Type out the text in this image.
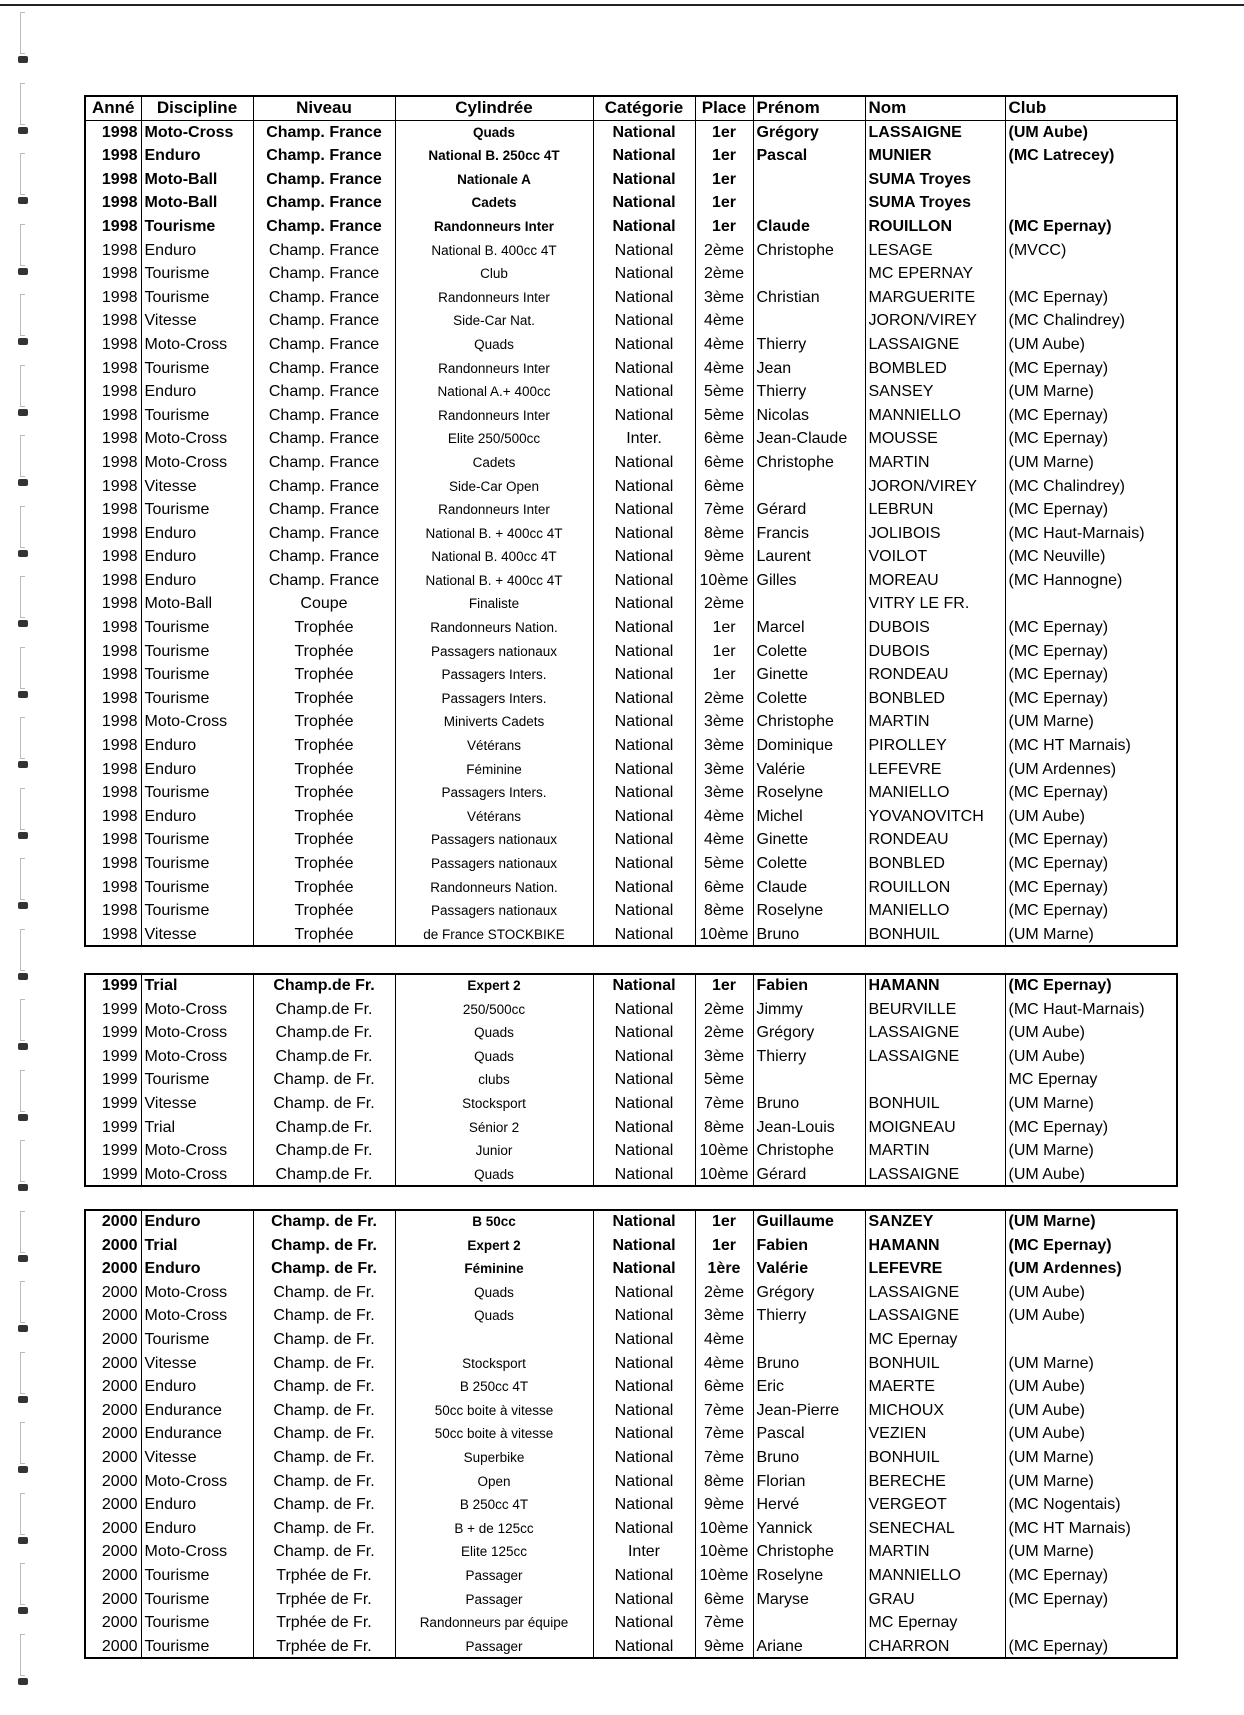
Anné	Discipline	Niveau	Cylindrée	Catégorie	Place	Prénom	Nom	Club
1998	Moto-Cross	Champ. France	Quads	National	1er	Grégory	LASSAIGNE	(UM Aube)
1998	Enduro	Champ. France	National B. 250cc 4T	National	1er	Pascal	MUNIER	(MC Latrecey)
1998	Moto-Ball	Champ. France	Nationale A	National	1er		SUMA Troyes	
1998	Moto-Ball	Champ. France	Cadets	National	1er		SUMA Troyes	
1998	Tourisme	Champ. France	Randonneurs Inter	National	1er	Claude	ROUILLON	(MC Epernay)
1998	Enduro	Champ. France	National B. 400cc 4T	National	2ème	Christophe	LESAGE	(MVCC)
1998	Tourisme	Champ. France	Club	National	2ème		MC EPERNAY	
1998	Tourisme	Champ. France	Randonneurs Inter	National	3ème	Christian	MARGUERITE	(MC Epernay)
1998	Vitesse	Champ. France	Side-Car Nat.	National	4ème		JORON/VIREY	(MC Chalindrey)
1998	Moto-Cross	Champ. France	Quads	National	4ème	Thierry	LASSAIGNE	(UM Aube)
1998	Tourisme	Champ. France	Randonneurs Inter	National	4ème	Jean	BOMBLED	(MC Epernay)
1998	Enduro	Champ. France	National A.+ 400cc	National	5ème	Thierry	SANSEY	(UM Marne)
1998	Tourisme	Champ. France	Randonneurs Inter	National	5ème	Nicolas	MANNIELLO	(MC Epernay)
1998	Moto-Cross	Champ. France	Elite 250/500cc	Inter.	6ème	Jean-Claude	MOUSSE	(MC Epernay)
1998	Moto-Cross	Champ. France	Cadets	National	6ème	Christophe	MARTIN	(UM Marne)
1998	Vitesse	Champ. France	Side-Car Open	National	6ème		JORON/VIREY	(MC Chalindrey)
1998	Tourisme	Champ. France	Randonneurs Inter	National	7ème	Gérard	LEBRUN	(MC Epernay)
1998	Enduro	Champ. France	National B. + 400cc 4T	National	8ème	Francis	JOLIBOIS	(MC Haut-Marnais)
1998	Enduro	Champ. France	National B. 400cc 4T	National	9ème	Laurent	VOILOT	(MC Neuville)
1998	Enduro	Champ. France	National B. + 400cc 4T	National	10ème	Gilles	MOREAU	(MC Hannogne)
1998	Moto-Ball	Coupe	Finaliste	National	2ème		VITRY LE FR.	
1998	Tourisme	Trophée	Randonneurs Nation.	National	1er	Marcel	DUBOIS	(MC Epernay)
1998	Tourisme	Trophée	Passagers nationaux	National	1er	Colette	DUBOIS	(MC Epernay)
1998	Tourisme	Trophée	Passagers Inters.	National	1er	Ginette	RONDEAU	(MC Epernay)
1998	Tourisme	Trophée	Passagers Inters.	National	2ème	Colette	BONBLED	(MC Epernay)
1998	Moto-Cross	Trophée	Miniverts Cadets	National	3ème	Christophe	MARTIN	(UM Marne)
1998	Enduro	Trophée	Vétérans	National	3ème	Dominique	PIROLLEY	(MC HT Marnais)
1998	Enduro	Trophée	Féminine	National	3ème	Valérie	LEFEVRE	(UM Ardennes)
1998	Tourisme	Trophée	Passagers Inters.	National	3ème	Roselyne	MANIELLO	(MC Epernay)
1998	Enduro	Trophée	Vétérans	National	4ème	Michel	YOVANOVITCH	(UM Aube)
1998	Tourisme	Trophée	Passagers nationaux	National	4ème	Ginette	RONDEAU	(MC Epernay)
1998	Tourisme	Trophée	Passagers nationaux	National	5ème	Colette	BONBLED	(MC Epernay)
1998	Tourisme	Trophée	Randonneurs Nation.	National	6ème	Claude	ROUILLON	(MC Epernay)
1998	Tourisme	Trophée	Passagers nationaux	National	8ème	Roselyne	MANIELLO	(MC Epernay)
1998	Vitesse	Trophée	de France STOCKBIKE	National	10ème	Bruno	BONHUIL	(UM Marne)
1999	Trial	Champ.de Fr.	Expert 2	National	1er	Fabien	HAMANN	(MC Epernay)
1999	Moto-Cross	Champ.de Fr.	250/500cc	National	2ème	Jimmy	BEURVILLE	(MC Haut-Marnais)
1999	Moto-Cross	Champ.de Fr.	Quads	National	2ème	Grégory	LASSAIGNE	(UM Aube)
1999	Moto-Cross	Champ.de Fr.	Quads	National	3ème	Thierry	LASSAIGNE	(UM Aube)
1999	Tourisme	Champ. de Fr.	clubs	National	5ème			MC Epernay
1999	Vitesse	Champ. de Fr.	Stocksport	National	7ème	Bruno	BONHUIL	(UM Marne)
1999	Trial	Champ.de Fr.	Sénior 2	National	8ème	Jean-Louis	MOIGNEAU	(MC Epernay)
1999	Moto-Cross	Champ.de Fr.	Junior	National	10ème	Christophe	MARTIN	(UM Marne)
1999	Moto-Cross	Champ.de Fr.	Quads	National	10ème	Gérard	LASSAIGNE	(UM Aube)
2000	Enduro	Champ. de Fr.	B 50cc	National	1er	Guillaume	SANZEY	(UM Marne)
2000	Trial	Champ. de Fr.	Expert 2	National	1er	Fabien	HAMANN	(MC Epernay)
2000	Enduro	Champ. de Fr.	Féminine	National	1ère	Valérie	LEFEVRE	(UM Ardennes)
2000	Moto-Cross	Champ. de Fr.	Quads	National	2ème	Grégory	LASSAIGNE	(UM Aube)
2000	Moto-Cross	Champ. de Fr.	Quads	National	3ème	Thierry	LASSAIGNE	(UM Aube)
2000	Tourisme	Champ. de Fr.		National	4ème		MC Epernay	
2000	Vitesse	Champ. de Fr.	Stocksport	National	4ème	Bruno	BONHUIL	(UM Marne)
2000	Enduro	Champ. de Fr.	B 250cc 4T	National	6ème	Eric	MAERTE	(UM Aube)
2000	Endurance	Champ. de Fr.	50cc boite à vitesse	National	7ème	Jean-Pierre	MICHOUX	(UM Aube)
2000	Endurance	Champ. de Fr.	50cc boite à vitesse	National	7ème	Pascal	VEZIEN	(UM Aube)
2000	Vitesse	Champ. de Fr.	Superbike	National	7ème	Bruno	BONHUIL	(UM Marne)
2000	Moto-Cross	Champ. de Fr.	Open	National	8ème	Florian	BERECHE	(UM Marne)
2000	Enduro	Champ. de Fr.	B 250cc 4T	National	9ème	Hervé	VERGEOT	(MC Nogentais)
2000	Enduro	Champ. de Fr.	B + de 125cc	National	10ème	Yannick	SENECHAL	(MC HT Marnais)
2000	Moto-Cross	Champ. de Fr.	Elite 125cc	Inter	10ème	Christophe	MARTIN	(UM Marne)
2000	Tourisme	Trphée de Fr.	Passager	National	10ème	Roselyne	MANNIELLO	(MC Epernay)
2000	Tourisme	Trphée de Fr.	Passager	National	6ème	Maryse	GRAU	(MC Epernay)
2000	Tourisme	Trphée de Fr.	Randonneurs par équipe	National	7ème		MC Epernay	
2000	Tourisme	Trphée de Fr.	Passager	National	9ème	Ariane	CHARRON	(MC Epernay)
